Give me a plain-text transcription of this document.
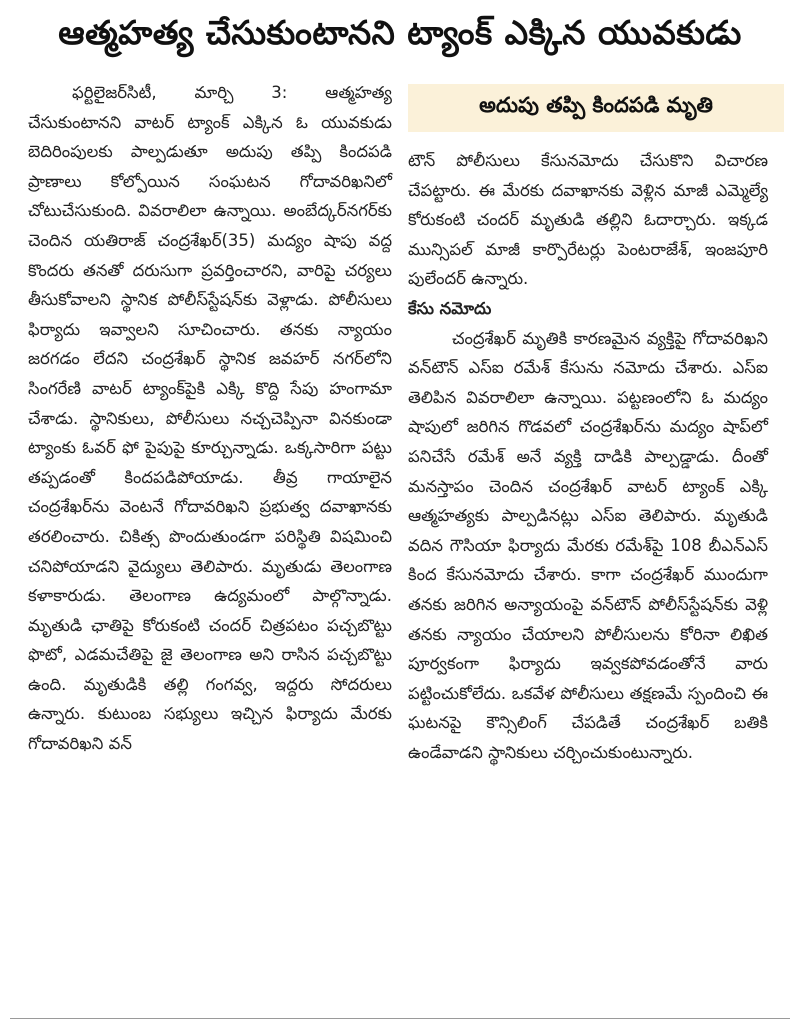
ఆత్మహత్య చేసుకుంటానని ట్యాంక్ ఎక్కిన యువకుడు

ఫర్టిలైజర్‌సిటీ, మార్చి 3: ఆత్మహత్య చేసుకుంటానని వాటర్ ట్యాంక్ ఎక్కిన ఓ యువకుడు బెదిరింపులకు పాల్పడుతూ అదుపు తప్పి కిందపడి ప్రాణాలు కోల్పోయిన సంఘటన గోదావరిఖనిలో చోటుచేసుకుంది. వివరాలిలా ఉన్నాయి. అంబేద్కర్‌నగర్‌కు చెందిన యతిరాజ్ చంద్రశేఖర్(35) మద్యం షాపు వద్ద కొందరు తనతో దరుసుగా ప్రవర్తించారని, వారిపై చర్యలు తీసుకోవాలని స్థానిక పోలీస్‌స్టేషన్‌కు వెళ్లాడు. పోలీసులు ఫిర్యాదు ఇవ్వాలని సూచించారు. తనకు న్యాయం జరగడం లేదని చంద్రశేఖర్ స్థానిక జవహర్ నగర్‌లోని సింగరేణి వాటర్ ట్యాంక్‌పైకి ఎక్కి కొద్ది సేపు హంగామా చేశాడు. స్థానికులు, పోలీసులు నచ్చచెప్పినా వినకుండా ట్యాంకు ఓవర్ ఫో పైపుపై కూర్చున్నాడు. ఒక్కసారిగా పట్టు తప్పడంతో కిందపడిపోయాడు. తీవ్ర గాయాలైన చంద్రశేఖర్‌ను వెంటనే గోదావరిఖని ప్రభుత్వ దవాఖానకు తరలించారు. చికిత్స పొందుతుండగా పరిస్థితి విషమించి చనిపోయాడని వైద్యులు తెలిపారు. మృతుడు తెలంగాణ కళాకారుడు. తెలంగాణ ఉద్యమంలో పాల్గొన్నాడు. మృతుడి ఛాతిపై కోరుకంటి చందర్ చిత్రపటం పచ్చబొట్టు ఫొటో, ఎడమచేతిపై జై తెలంగాణ అని రాసిన పచ్చబొట్టు ఉంది. మృతుడికి తల్లి గంగవ్వ, ఇద్దరు సోదరులు ఉన్నారు. కుటుంబ సభ్యులు ఇచ్చిన ఫిర్యాదు మేరకు గోదావరిఖని వన్

అదుపు తప్పి కిందపడి మృతి

టౌన్ పోలీసులు కేసునమోదు చేసుకొని విచారణ చేపట్టారు. ఈ మేరకు దవాఖానకు వెళ్లిన మాజీ ఎమ్మెల్యే కోరుకంటి చందర్ మృతుడి తల్లిని ఓదార్చారు. ఇక్కడ మున్సిపల్ మాజీ కార్పొరేటర్లు పెంటరాజేశ్, ఇంజపూరి పులేందర్ ఉన్నారు.

కేసు నమోదు

చంద్రశేఖర్ మృతికి కారణమైన వ్యక్తిపై గోదావరిఖని వన్‌టౌన్ ఎస్ఐ రమేశ్ కేసును నమోదు చేశారు. ఎస్ఐ తెలిపిన వివరాలిలా ఉన్నాయి. పట్టణంలోని ఓ మద్యం షాపులో జరిగిన గొడవలో చంద్రశేఖర్‌ను మద్యం షాప్‌లో పనిచేసే రమేశ్ అనే వ్యక్తి దాడికి పాల్పడ్డాడు. దీంతో మనస్తాపం చెందిన చంద్రశేఖర్ వాటర్ ట్యాంక్ ఎక్కి ఆత్మహత్యకు పాల్పడినట్లు ఎస్ఐ తెలిపారు. మృతుడి వదిన గౌసియా ఫిర్యాదు మేరకు రమేశ్‌పై 108 బీఎన్ఎస్ కింద కేసునమోదు చేశారు. కాగా చంద్రశేఖర్ ముందుగా తనకు జరిగిన అన్యాయంపై వన్‌టౌన్ పోలీస్‌స్టేషన్‌కు వెళ్లి తనకు న్యాయం చేయాలని పోలీసులను కోరినా లిఖిత పూర్వకంగా ఫిర్యాదు ఇవ్వకపోవడంతోనే వారు పట్టించుకోలేదు. ఒకవేళ పోలీసులు తక్షణమే స్పందించి ఈ ఘటనపై కౌన్సిలింగ్ చేపడితే చంద్రశేఖర్ బతికి ఉండేవాడని స్థానికులు చర్చించుకుంటున్నారు.
